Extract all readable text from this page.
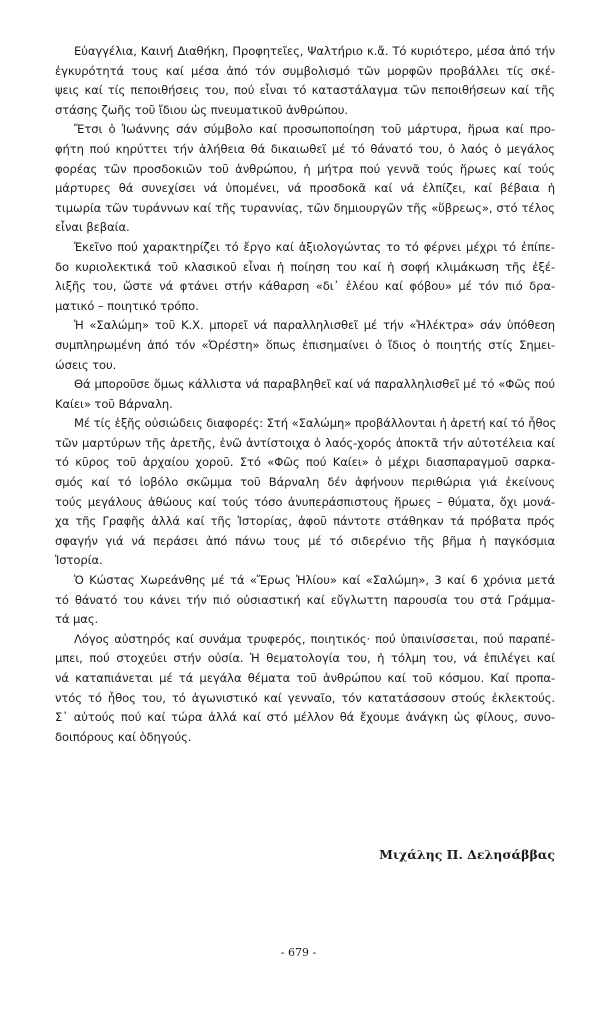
Εὐαγγέλια, Καινή Διαθήκη, Προφητεῖες, Ψαλτήριο κ.ἄ. Τό κυριότερο, μέσα ἀπό τήν
ἐγκυρότητά τους καί μέσα ἀπό τόν συμβολισμό τῶν μορφῶν προβάλλει τίς σκέ-
ψεις καί τίς πεποιθήσεις του, πού εἶναι τό καταστάλαγμα τῶν πεποιθήσεων καί τῆς
στάσης ζωῆς τοῦ ἴδιου ὡς πνευματικοῦ ἀνθρώπου.
Ἔτσι ὁ Ἰωάννης σάν σύμβολο καί προσωποποίηση τοῦ μάρτυρα, ἥρωα καί προ-
φήτη πού κηρύττει τήν ἀλήθεια θά δικαιωθεῖ μέ τό θάνατό του, ὁ λαός ὁ μεγάλος
φορέας τῶν προσδοκιῶν τοῦ ἀνθρώπου, ἡ μήτρα πού γεννᾶ τούς ἥρωες καί τούς
μάρτυρες θά συνεχίσει νά ὑπομένει, νά προσδοκᾶ καί νά ἐλπίζει, καί βέβαια ἡ
τιμωρία τῶν τυράννων καί τῆς τυραννίας, τῶν δημιουργῶν τῆς «ὕβρεως», στό τέλος
εἶναι βεβαία.
Ἐκεῖνο πού χαρακτηρίζει τό ἔργο καί ἀξιολογώντας το τό φέρνει μέχρι τό ἐπίπε-
δο κυριολεκτικά τοῦ κλασικοῦ εἶναι ἡ ποίηση του καί ἡ σοφή κλιμάκωση τῆς ἐξέ-
λιξῆς του, ὥστε νά φτάνει στήν κάθαρση «δι᾽ ἐλέου καί φόβου» μέ τόν πιό δρα-
ματικό – ποιητικό τρόπο.
Ἡ «Σαλώμη» τοῦ Κ.Χ. μπορεῖ νά παραλληλισθεῖ μέ τήν «Ἠλέκτρα» σάν ὑπόθεση
συμπληρωμένη ἀπό τόν «Ὀρέστη» ὅπως ἐπισημαίνει ὁ ἴδιος ὁ ποιητής στίς Σημει-
ώσεις του.
Θά μποροῦσε ὅμως κάλλιστα νά παραβληθεῖ καί νά παραλληλισθεῖ μέ τό «Φῶς πού
Καίει» τοῦ Βάρναλη.
Μέ τίς ἑξῆς οὐσιώδεις διαφορές: Στή «Σαλώμη» προβάλλονται ἡ ἀρετή καί τό ἦθος
τῶν μαρτύρων τῆς ἀρετῆς, ἐνῶ ἀντίστοιχα ὁ λαός-χορός ἀποκτᾶ τήν αὐτοτέλεια καί
τό κῦρος τοῦ ἀρχαίου χοροῦ. Στό «Φῶς πού Καίει» ὁ μέχρι διασπαραγμοῦ σαρκα-
σμός καί τό ἰοβόλο σκῶμμα τοῦ Βάρναλη δέν ἀφήνουν περιθώρια γιά ἐκείνους
τούς μεγάλους ἀθώους καί τούς τόσο ἀνυπεράσπιστους ἥρωες – θύματα, ὄχι μονά-
χα τῆς Γραφῆς ἀλλά καί τῆς Ἱστορίας, ἀφοῦ πάντοτε στάθηκαν τά πρόβατα πρός
σφαγήν γιά νά περάσει ἀπό πάνω τους μέ τό σιδερένιο τῆς βῆμα ἡ παγκόσμια
Ἱστορία.
Ὁ Κώστας Χωρεάνθης μέ τά «Ἔρως Ἡλίου» καί «Σαλώμη», 3 καί 6 χρόνια μετά
τό θάνατό του κάνει τήν πιό οὐσιαστική καί εὔγλωττη παρουσία του στά Γράμμα-
τά μας.
Λόγος αὐστηρός καί συνάμα τρυφερός, ποιητικός· πού ὑπαινίσσεται, πού παραπέ-
μπει, πού στοχεύει στήν οὐσία. Ἡ θεματολογία του, ἡ τόλμη του, νά ἐπιλέγει καί
νά καταπιάνεται μέ τά μεγάλα θέματα τοῦ ἀνθρώπου καί τοῦ κόσμου. Καί προπα-
ντός τό ἦθος του, τό ἀγωνιστικό καί γενναῖο, τόν κατατάσσουν στούς ἐκλεκτούς.
Σ᾽ αὐτούς πού καί τώρα ἀλλά καί στό μέλλον θά ἔχουμε ἀνάγκη ὡς φίλους, συνο-
δοιπόρους καί ὁδηγούς.
Μιχάλης Π. Δελησάββας
- 679 -
